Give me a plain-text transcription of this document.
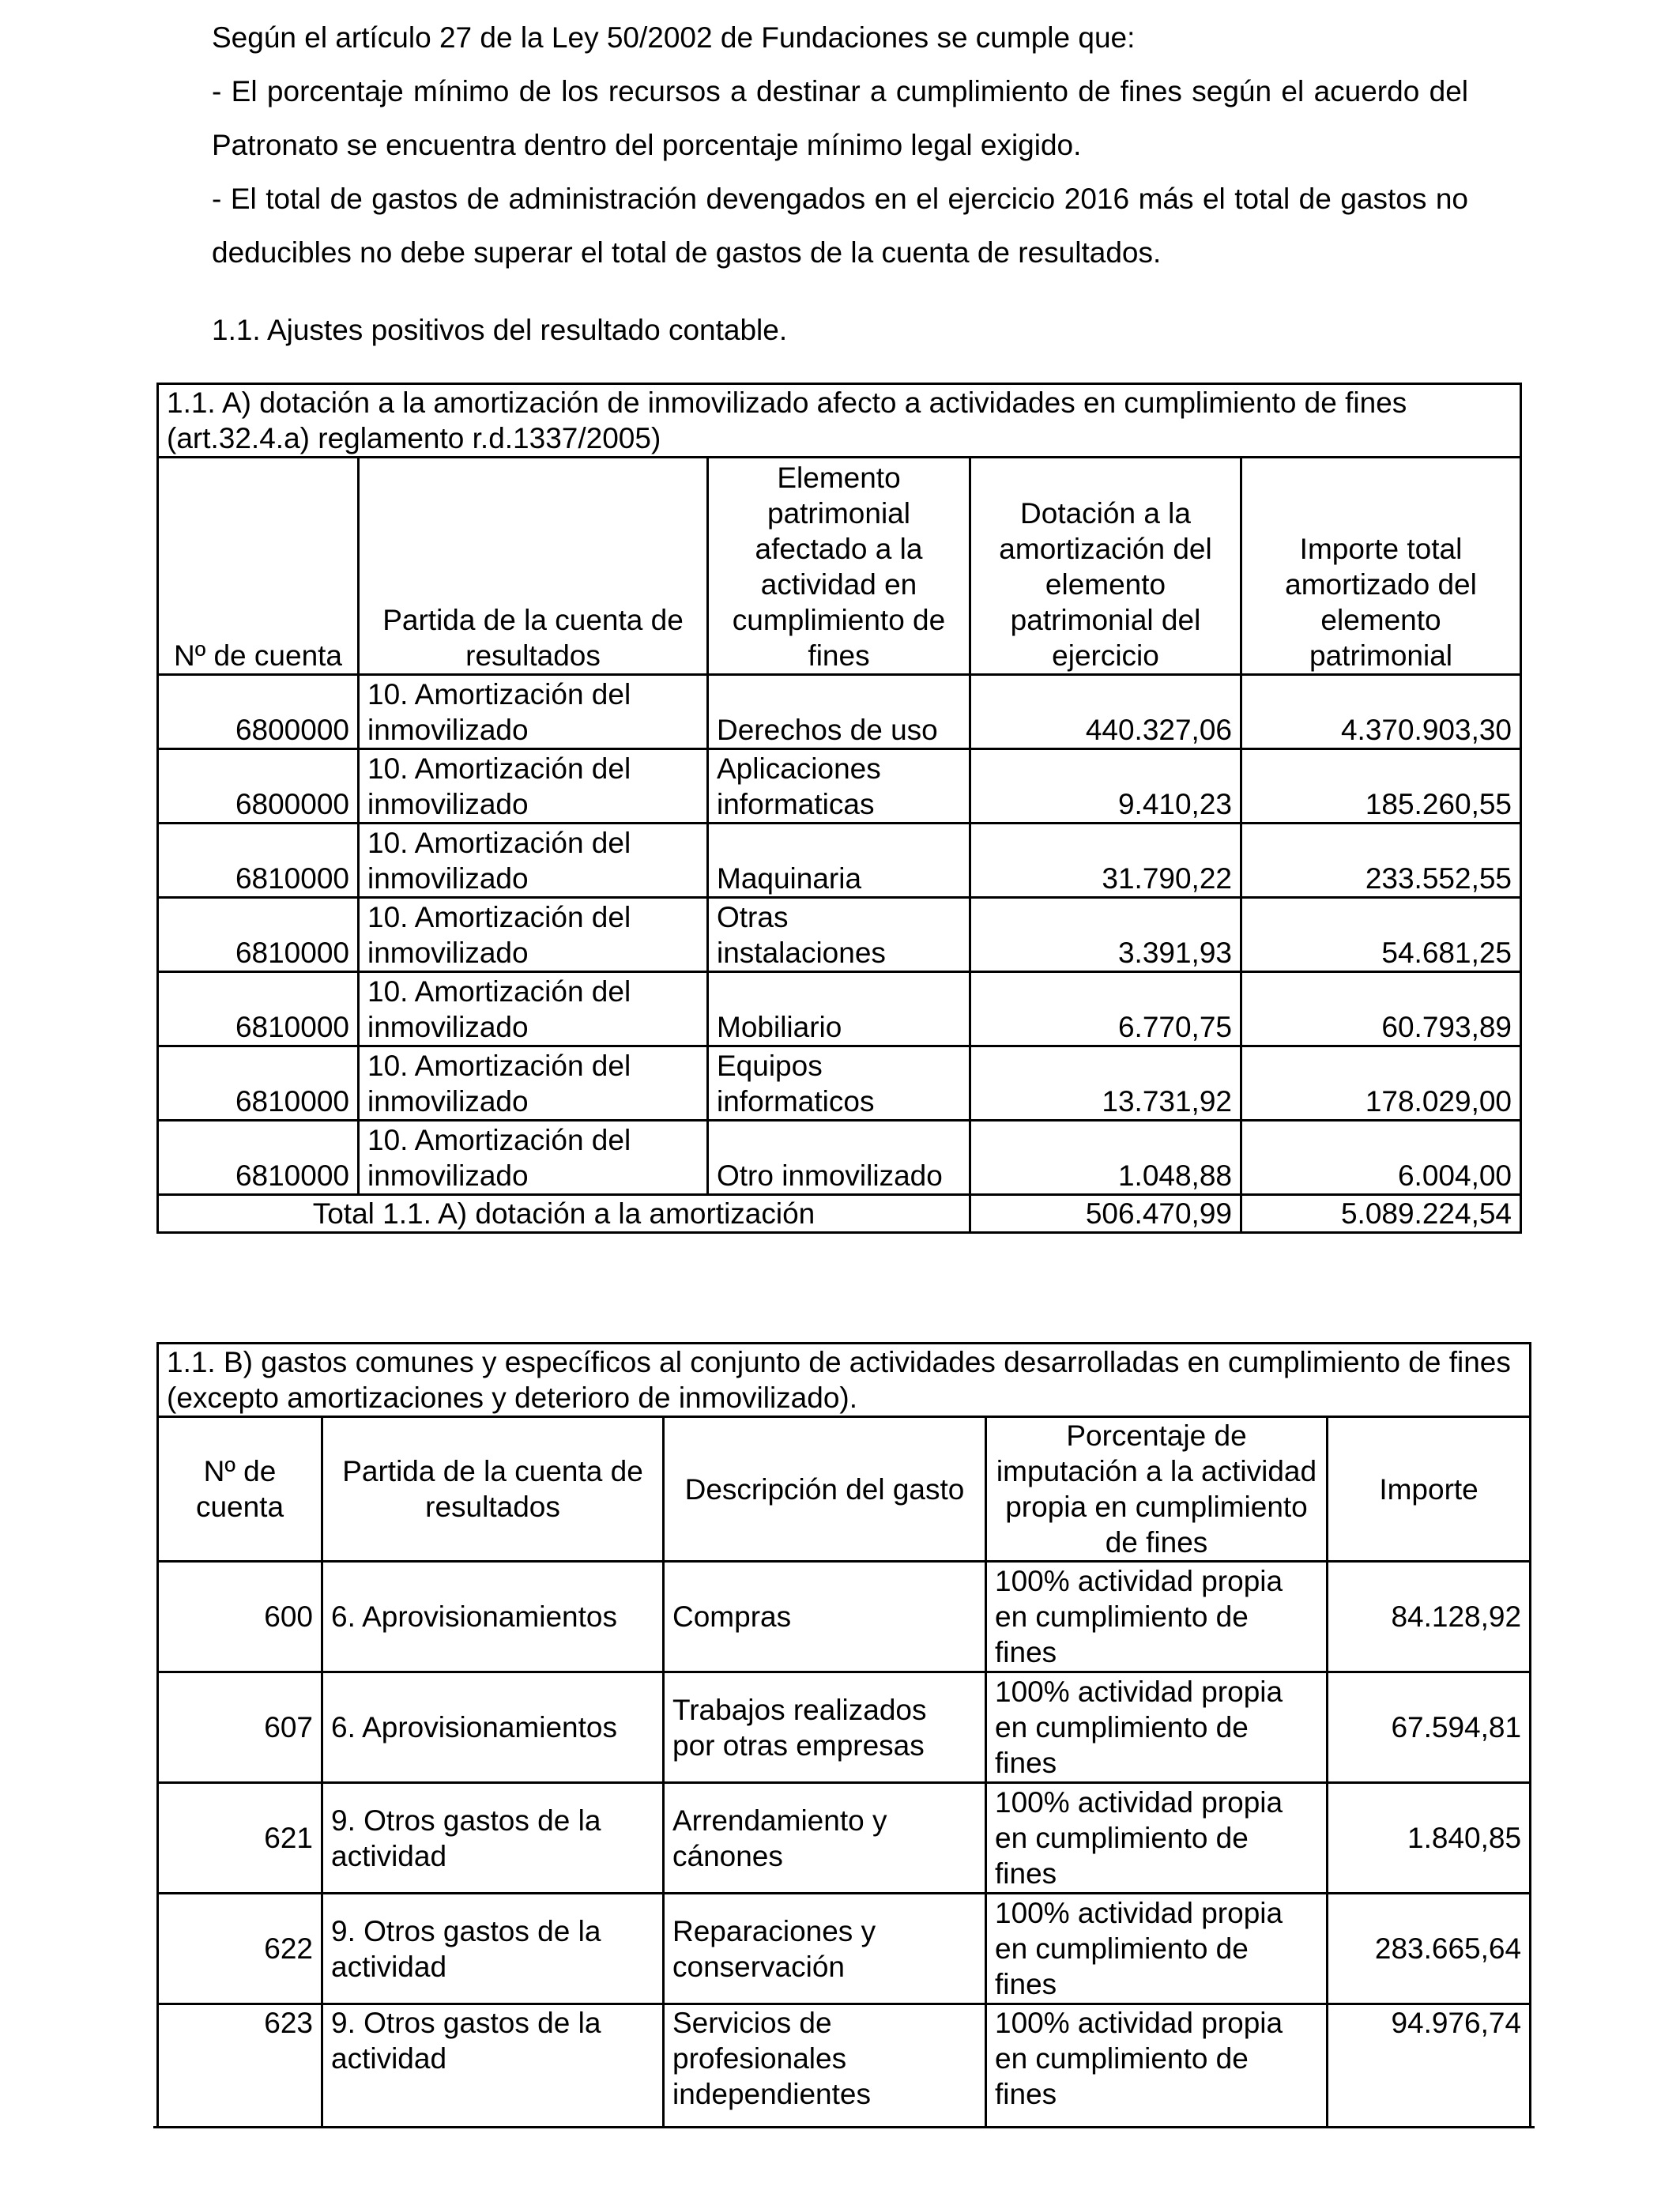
Según el artículo 27 de la Ley 50/2002 de Fundaciones se cumple que:

- El porcentaje mínimo de los recursos a destinar a cumplimiento de fines según el acuerdo del Patronato se encuentra dentro del porcentaje mínimo legal exigido.

- El total de gastos de administración devengados en el ejercicio 2016 más el total de gastos no deducibles no debe superar el total de gastos de la cuenta de resultados.

1.1. Ajustes positivos del resultado contable.
1.1. A) dotación a la amortización de inmovilizado afecto a actividades en cumplimiento de fines (art.32.4.a) reglamento r.d.1337/2005)				
Nº de cuenta	Partida de la cuenta de resultados	Elemento patrimonial afectado a la actividad en cumplimiento de fines	Dotación a la amortización del elemento patrimonial del ejercicio	Importe total amortizado del elemento patrimonial
6800000	10. Amortización del inmovilizado	Derechos de uso	440.327,06	4.370.903,30
6800000	10. Amortización del inmovilizado	Aplicaciones informaticas	9.410,23	185.260,55
6810000	10. Amortización del inmovilizado	Maquinaria	31.790,22	233.552,55
6810000	10. Amortización del inmovilizado	Otras instalaciones	3.391,93	54.681,25
6810000	10. Amortización del inmovilizado	Mobiliario	6.770,75	60.793,89
6810000	10. Amortización del inmovilizado	Equipos informaticos	13.731,92	178.029,00
6810000	10. Amortización del inmovilizado	Otro inmovilizado	1.048,88	6.004,00
Total 1.1. A) dotación a la amortización			506.470,99	5.089.224,54
1.1. B) gastos comunes y específicos al conjunto de actividades desarrolladas en cumplimiento de fines (excepto amortizaciones y deterioro de inmovilizado).				
Nº de cuenta	Partida de la cuenta de resultados	Descripción del gasto	Porcentaje de imputación a la actividad propia en cumplimiento de fines	Importe
600	6. Aprovisionamientos	Compras	100% actividad propia en cumplimiento de fines	84.128,92
607	6. Aprovisionamientos	Trabajos realizados por otras empresas	100% actividad propia en cumplimiento de fines	67.594,81
621	9. Otros gastos de la actividad	Arrendamiento y cánones	100% actividad propia en cumplimiento de fines	1.840,85
622	9. Otros gastos de la actividad	Reparaciones y conservación	100% actividad propia en cumplimiento de fines	283.665,64
623	9. Otros gastos de la actividad	Servicios de profesionales independientes	100% actividad propia en cumplimiento de fines	94.976,74
